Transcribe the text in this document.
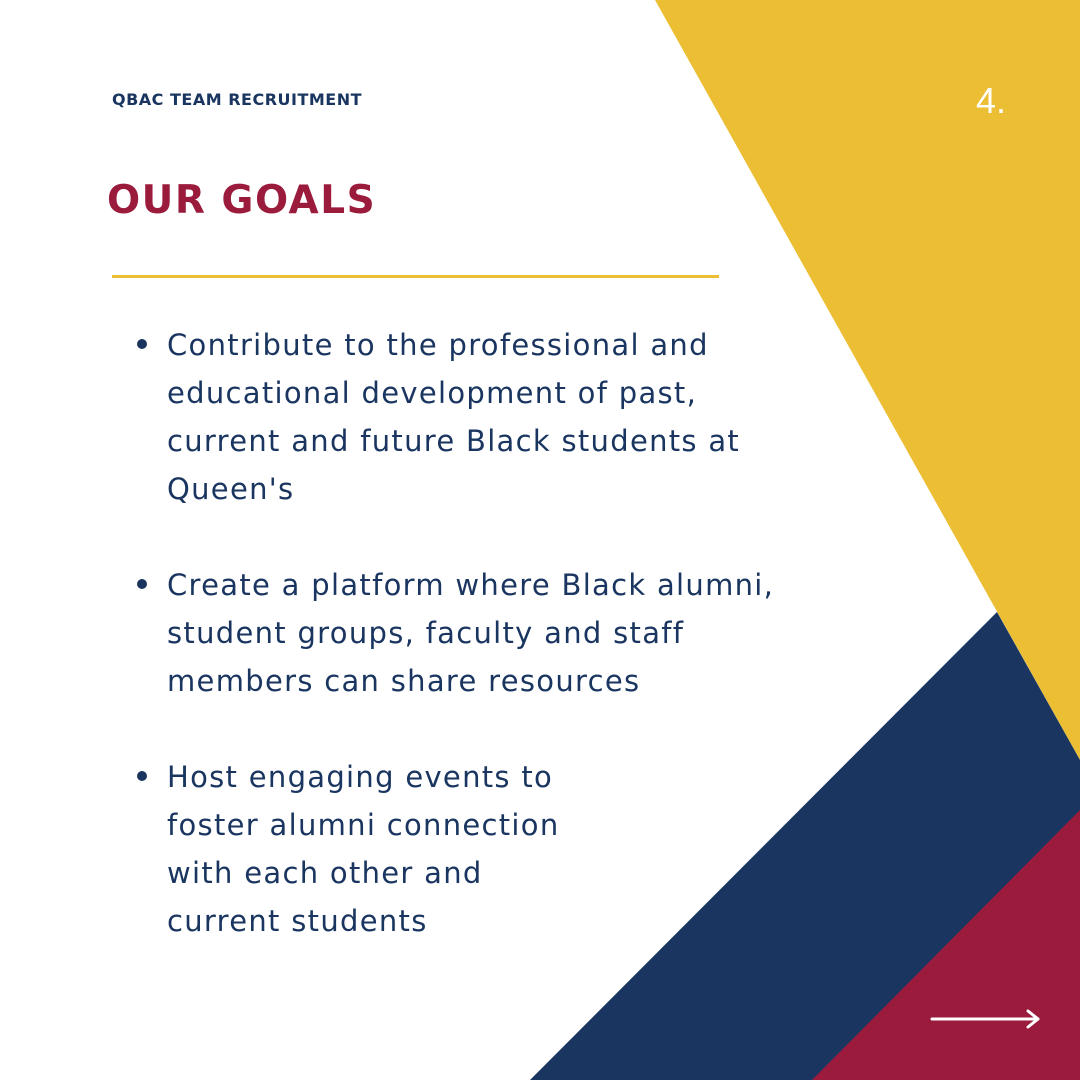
QBAC TEAM RECRUITMENT	4.
OUR GOALS
Contribute to the professional and
educational development of past,
current and future Black students at
Queen's
Create a platform where Black alumni,
student groups, faculty and staff
members can share resources
Host engaging events to
foster alumni connection
with each other and
current students
